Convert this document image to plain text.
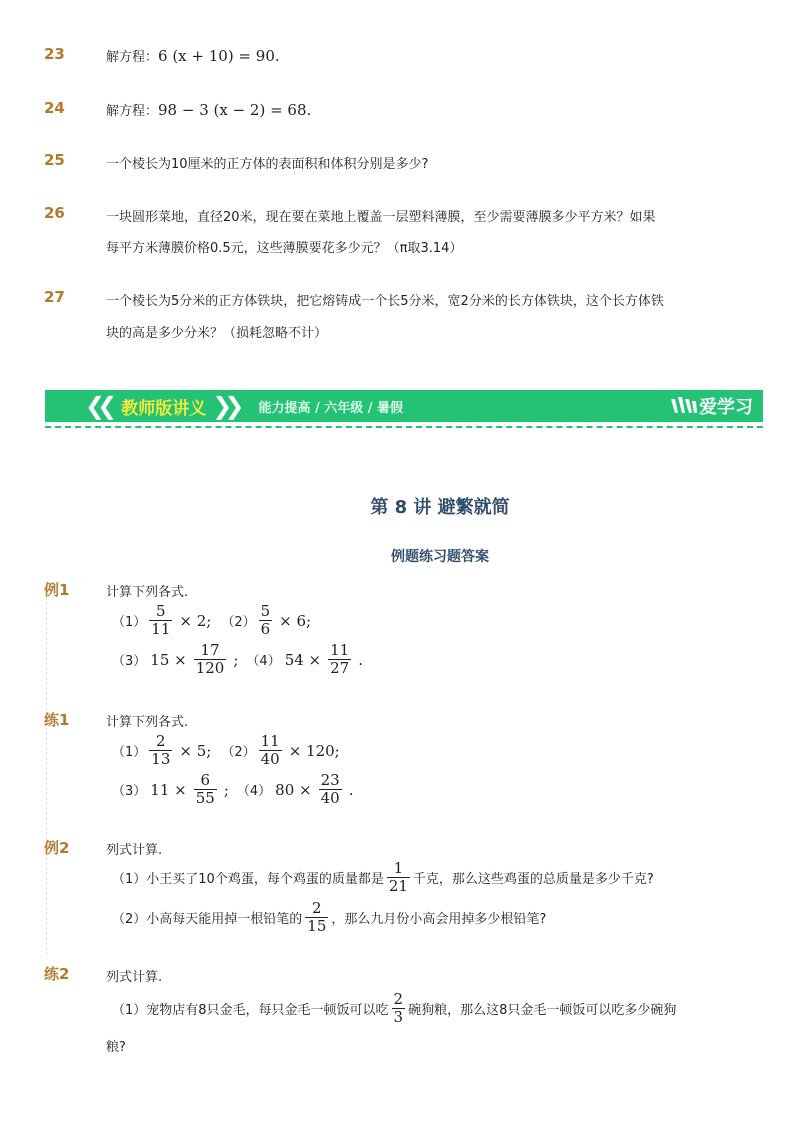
23	解方程：6 (x + 10) = 90.
24	解方程：98 − 3 (x − 2) = 68.
25	一个棱长为10厘米的正方体的表面积和体积分别是多少?
26	一块圆形菜地，直径20米，现在要在菜地上覆盖一层塑料薄膜，至少需要薄膜多少平方米？如果
每平方米薄膜价格0.5元，这些薄膜要花多少元？（π取3.14）
27	一个棱长为5分米的正方体铁块，把它熔铸成一个长5分米，宽2分米的长方体铁块，这个长方体铁
块的高是多少分米？（损耗忽略不计）
❮❮ 教师版讲义 ❯❯ 能力提高 / 六年级 / 暑假	爱学习
第 8 讲 避繁就简
例题练习题答案
例1	计算下列各式.
$(1) \frac{5}{11} \times 2$; $(2) \frac{5}{6} \times 6$;
（3） $15 \times \frac{17}{120}$ ; （4） $54 \times \frac{11}{27}$ .
练1	计算下列各式.
$(1) \frac{2}{13} \times 5$; $(2) \frac{11}{40} \times 120$;
（3） $11 \times \frac{6}{55}$ ; （4） $80 \times \frac{23}{40}$ .
例2	列式计算.
（1）小王买了10个鸡蛋，每个鸡蛋的质量都是 $\frac{1}{21}$ 千克，那么这些鸡蛋的总质量是多少千克?
（2）小高每天能用掉一根铅笔的 $\frac{2}{15}$ ，那么九月份小高会用掉多少根铅笔?
练2	列式计算.
（1）宠物店有8只金毛，每只金毛一顿饭可以吃 $\frac{2}{3}$ 碗狗粮，那么这8只金毛一顿饭可以吃多少碗狗
粮?
